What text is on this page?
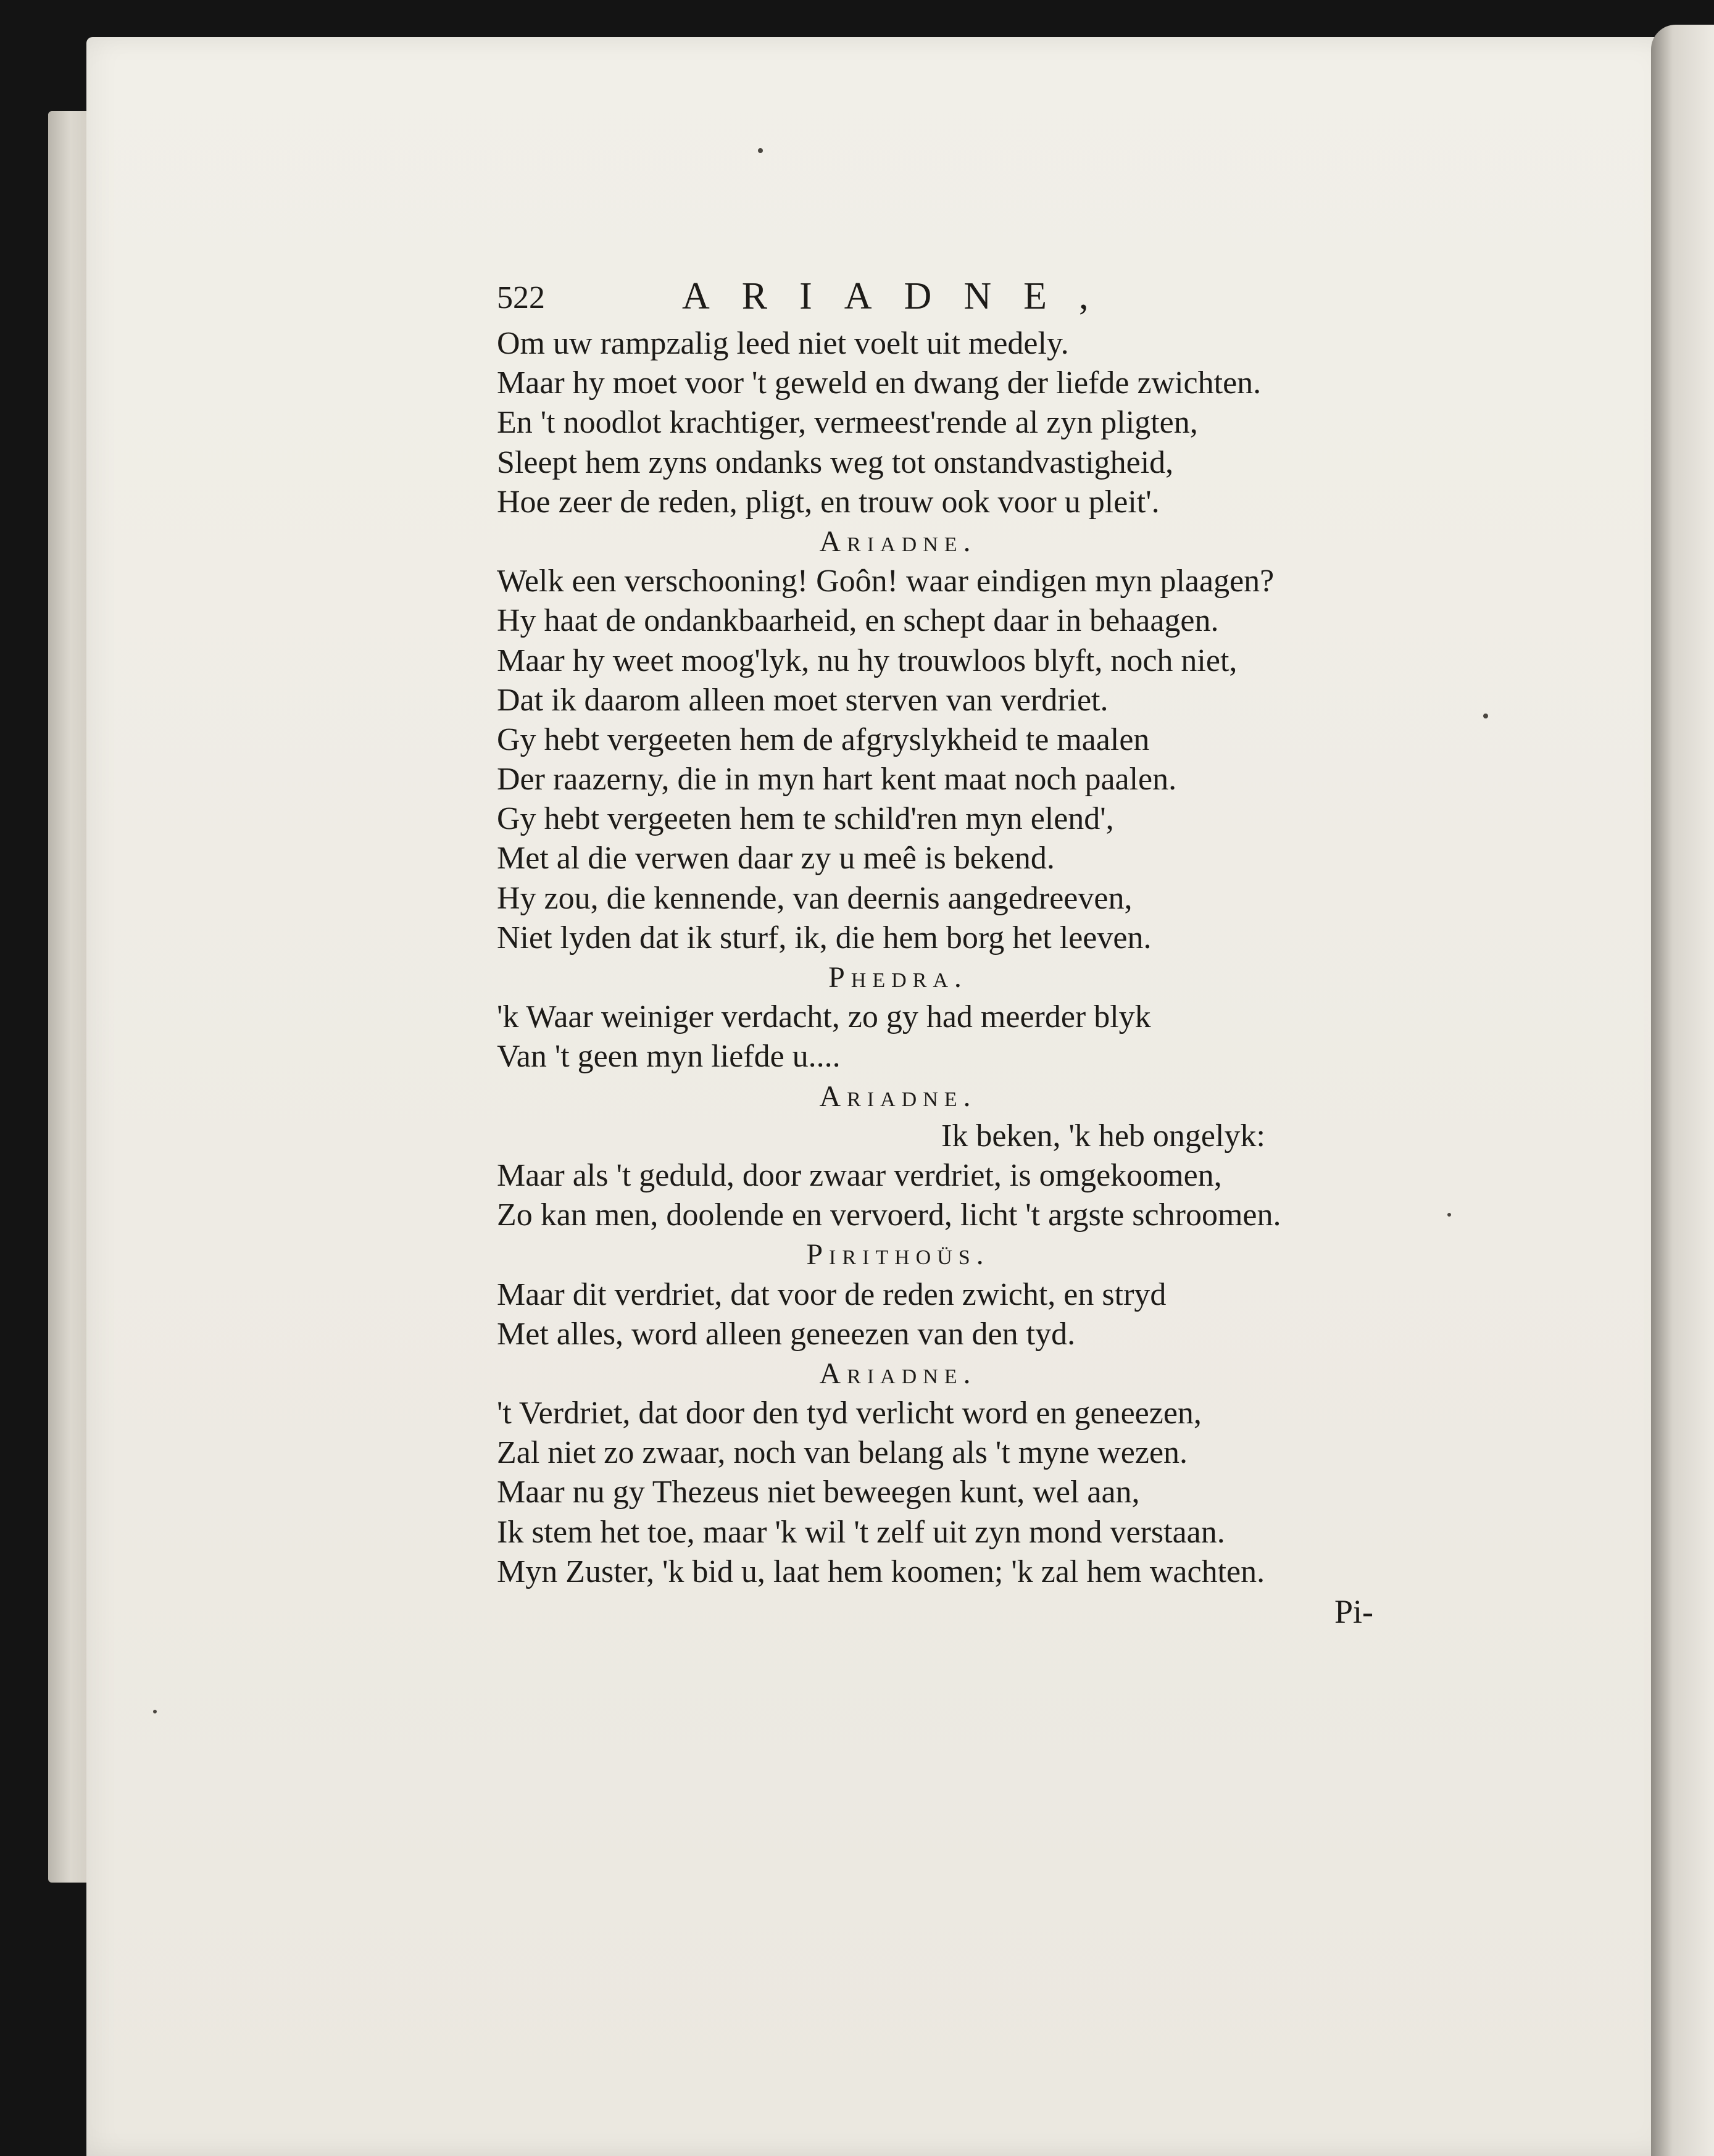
522	ARIADNE,
Om uw rampzalig leed niet voelt uit medely.
Maar hy moet voor 't geweld en dwang der liefde zwichten.
En 't noodlot krachtiger, vermeest'rende al zyn pligten,
Sleept hem zyns ondanks weg tot onstandvastigheid,
Hoe zeer de reden, pligt, en trouw ook voor u pleit'.
Ariadne.
Welk een verschooning! Goôn! waar eindigen myn plaagen?
Hy haat de ondankbaarheid, en schept daar in behaagen.
Maar hy weet moog'lyk, nu hy trouwloos blyft, noch niet,
Dat ik daarom alleen moet sterven van verdriet.
Gy hebt vergeeten hem de afgryslykheid te maalen
Der raazerny, die in myn hart kent maat noch paalen.
Gy hebt vergeeten hem te schild'ren myn elend',
Met al die verwen daar zy u meê is bekend.
Hy zou, die kennende, van deernis aangedreeven,
Niet lyden dat ik sturf, ik, die hem borg het leeven.
Phedra.
'k Waar weiniger verdacht, zo gy had meerder blyk
Van 't geen myn liefde u....
Ariadne.
Ik beken, 'k heb ongelyk:
Maar als 't geduld, door zwaar verdriet, is omgekoomen,
Zo kan men, doolende en vervoerd, licht 't argste schroomen.
Pirithoüs.
Maar dit verdriet, dat voor de reden zwicht, en stryd
Met alles, word alleen geneezen van den tyd.
Ariadne.
't Verdriet, dat door den tyd verlicht word en geneezen,
Zal niet zo zwaar, noch van belang als 't myne wezen.
Maar nu gy Thezeus niet beweegen kunt, wel aan,
Ik stem het toe, maar 'k wil 't zelf uit zyn mond verstaan.
Myn Zuster, 'k bid u, laat hem koomen; 'k zal hem wachten.
Pi-
